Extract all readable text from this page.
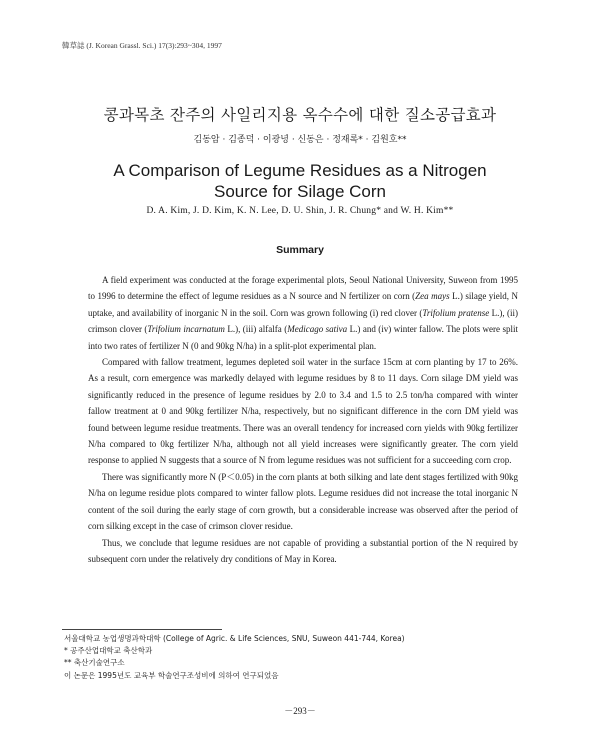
韓草誌 (J. Korean Grassl. Sci.) 17(3):293~304, 1997
콩과목초 잔주의 사일리지용 옥수수에 대한 질소공급효과
김동암 · 김종덕 · 이광녕 · 신동은 · 정재록* · 김원호**
A Comparison of Legume Residues as a Nitrogen
Source for Silage Corn
D. A. Kim, J. D. Kim, K. N. Lee, D. U. Shin, J. R. Chung* and W. H. Kim**
Summary

A field experiment was conducted at the forage experimental plots, Seoul National University, Suweon from 1995 to 1996 to determine the effect of legume residues as a N source and N fertilizer on corn (Zea mays L.) silage yield, N uptake, and availability of inorganic N in the soil. Corn was grown following (i) red clover (Trifolium pratense L.), (ii) crimson clover (Trifolium incarnatum L.), (iii) alfalfa (Medicago sativa L.) and (iv) winter fallow. The plots were split into two rates of fertilizer N (0 and 90kg N/ha) in a split-plot experimental plan.

Compared with fallow treatment, legumes depleted soil water in the surface 15cm at corn planting by 17 to 26%. As a result, corn emergence was markedly delayed with legume residues by 8 to 11 days. Corn silage DM yield was significantly reduced in the presence of legume residues by 2.0 to 3.4 and 1.5 to 2.5 ton/ha compared with winter fallow treatment at 0 and 90kg fertilizer N/ha, respectively, but no significant difference in the corn DM yield was found between legume residue treatments. There was an overall tendency for increased corn yields with 90kg fertilizer N/ha compared to 0kg fertilizer N/ha, although not all yield increases were significantly greater. The corn yield response to applied N suggests that a source of N from legume residues was not sufficient for a succeeding corn crop.

There was significantly more N (P＜0.05) in the corn plants at both silking and late dent stages fertilized with 90kg N/ha on legume residue plots compared to winter fallow plots. Legume residues did not increase the total inorganic N content of the soil during the early stage of corn growth, but a considerable increase was observed after the period of corn silking except in the case of crimson clover residue.

Thus, we conclude that legume residues are not capable of providing a substantial portion of the N required by subsequent corn under the relatively dry conditions of May in Korea.

서울대학교 농업생명과학대학 (College of Agric. & Life Sciences, SNU, Suweon 441-744, Korea)
* 공주산업대학교 축산학과
** 축산기술연구소
이 논문은 1995년도 교육부 학술연구조성비에 의하여 연구되었음
－293－
